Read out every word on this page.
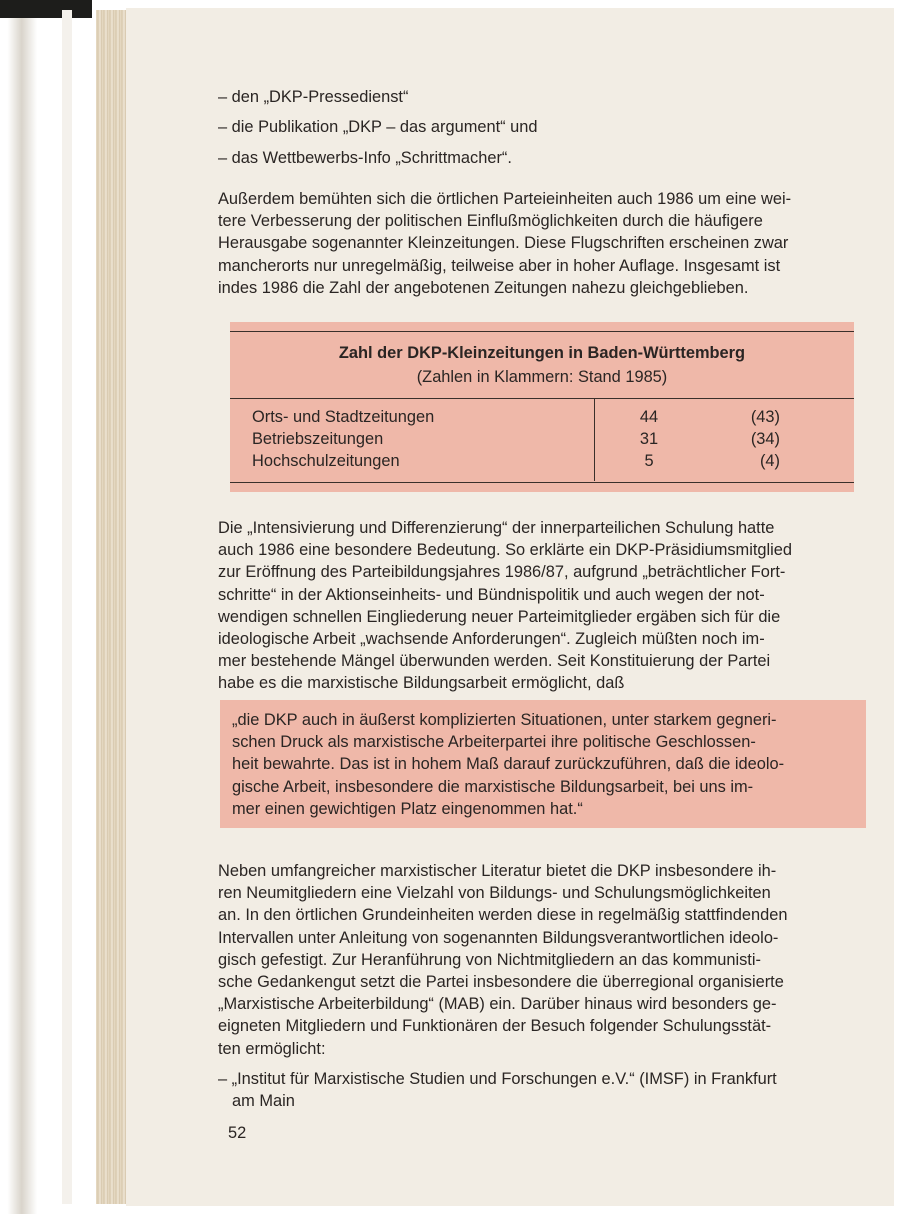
– den „DKP-Pressedienst“
– die Publikation „DKP – das argument“ und
– das Wettbewerbs-Info „Schrittmacher“.

Außerdem bemühten sich die örtlichen Parteieinheiten auch 1986 um eine wei-

tere Verbesserung der politischen Einflußmöglichkeiten durch die häufigere

Herausgabe sogenannter Kleinzeitungen. Diese Flugschriften erscheinen zwar

mancherorts nur unregelmäßig, teilweise aber in hoher Auflage. Insgesamt ist

indes 1986 die Zahl der angebotenen Zeitungen nahezu gleichgeblieben.

Zahl der DKP-Kleinzeitungen in Baden-Württemberg
(Zahlen in Klammern: Stand 1985)
Orts- und Stadtzeitungen	44	(43)
Betriebszeitungen	31	(34)
Hochschulzeitungen	5	(4)

Die „Intensivierung und Differenzierung“ der innerparteilichen Schulung hatte

auch 1986 eine besondere Bedeutung. So erklärte ein DKP-Präsidiumsmitglied

zur Eröffnung des Parteibildungsjahres 1986/87, aufgrund „beträchtlicher Fort-

schritte“ in der Aktionseinheits- und Bündnispolitik und auch wegen der not-

wendigen schnellen Eingliederung neuer Parteimitglieder ergäben sich für die

ideologische Arbeit „wachsende Anforderungen“. Zugleich müßten noch im-

mer bestehende Mängel überwunden werden. Seit Konstituierung der Partei

habe es die marxistische Bildungsarbeit ermöglicht, daß

„die DKP auch in äußerst komplizierten Situationen, unter starkem gegneri-

schen Druck als marxistische Arbeiterpartei ihre politische Geschlossen-

heit bewahrte. Das ist in hohem Maß darauf zurückzuführen, daß die ideolo-

gische Arbeit, insbesondere die marxistische Bildungsarbeit, bei uns im-

mer einen gewichtigen Platz eingenommen hat.“

Neben umfangreicher marxistischer Literatur bietet die DKP insbesondere ih-

ren Neumitgliedern eine Vielzahl von Bildungs- und Schulungsmöglichkeiten

an. In den örtlichen Grundeinheiten werden diese in regelmäßig stattfindenden

Intervallen unter Anleitung von sogenannten Bildungsverantwortlichen ideolo-

gisch gefestigt. Zur Heranführung von Nichtmitgliedern an das kommunisti-

sche Gedankengut setzt die Partei insbesondere die überregional organisierte

„Marxistische Arbeiterbildung“ (MAB) ein. Darüber hinaus wird besonders ge-

eigneten Mitgliedern und Funktionären der Besuch folgender Schulungsstät-

ten ermöglicht:

– „Institut für Marxistische Studien und Forschungen e.V.“ (IMSF) in Frankfurt

am Main

52
